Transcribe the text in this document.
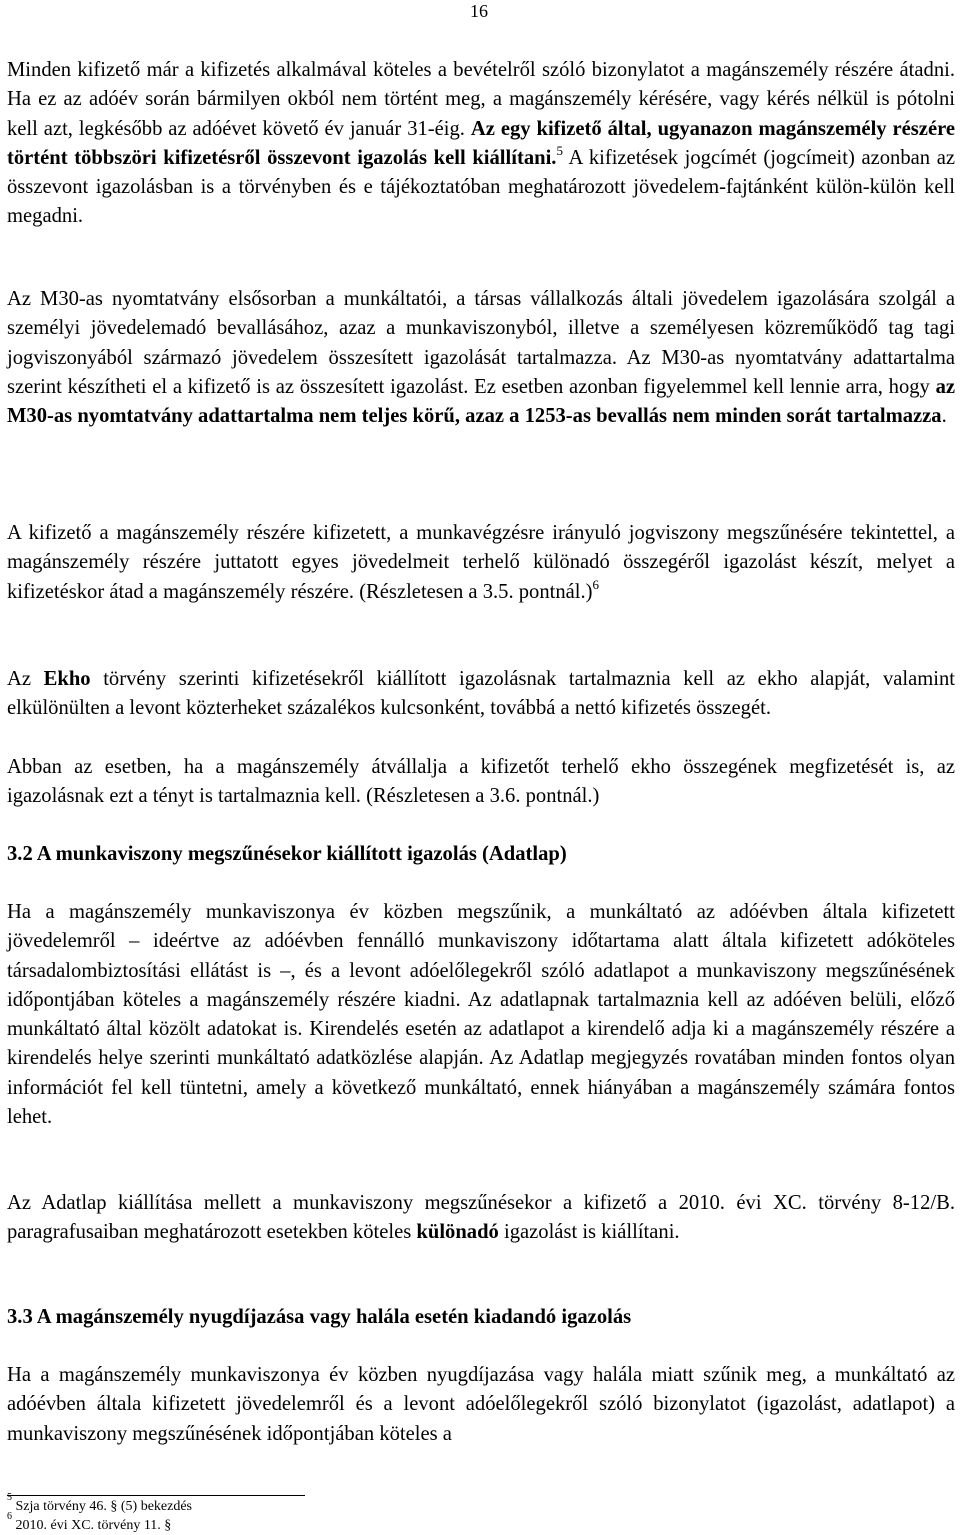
16

Minden kifizető már a kifizetés alkalmával köteles a bevételről szóló bizonylatot a magánszemély részére átadni. Ha ez az adóév során bármilyen okból nem történt meg, a magánszemély kérésére, vagy kérés nélkül is pótolni kell azt, legkésőbb az adóévet követő év január 31-éig. Az egy kifizető által, ugyanazon magánszemély részére történt többszöri kifizetésről összevont igazolás kell kiállítani.$^5$ A kifizetések jogcímét (jogcímeit) azonban az összevont igazolásban is a törvényben és e tájékoztatóban meghatározott jövedelem-fajtánként külön-külön kell megadni.

Az M30-as nyomtatvány elsősorban a munkáltatói, a társas vállalkozás általi jövedelem igazolására szolgál a személyi jövedelemadó bevallásához, azaz a munkaviszonyból, illetve a személyesen közreműködő tag tagi jogviszonyából származó jövedelem összesített igazolását tartalmazza. Az M30-as nyomtatvány adattartalma szerint készítheti el a kifizető is az összesített igazolást. Ez esetben azonban figyelemmel kell lennie arra, hogy az M30-as nyomtatvány adattartalma nem teljes körű, azaz a 1253-as bevallás nem minden sorát tartalmazza.

A kifizető a magánszemély részére kifizetett, a munkavégzésre irányuló jogviszony megszűnésére tekintettel, a magánszemély részére juttatott egyes jövedelmeit terhelő különadó összegéről igazolást készít, melyet a kifizetéskor átad a magánszemély részére. (Részletesen a 3.5. pontnál.)$^6$

Az Ekho törvény szerinti kifizetésekről kiállított igazolásnak tartalmaznia kell az ekho alapját, valamint elkülönülten a levont közterheket százalékos kulcsonként, továbbá a nettó kifizetés összegét.

Abban az esetben, ha a magánszemély átvállalja a kifizetőt terhelő ekho összegének megfizetését is, az igazolásnak ezt a tényt is tartalmaznia kell. (Részletesen a 3.6. pontnál.)

3.2 A munkaviszony megszűnésekor kiállított igazolás (Adatlap)

Ha a magánszemély munkaviszonya év közben megszűnik, a munkáltató az adóévben általa kifizetett jövedelemről – ideértve az adóévben fennálló munkaviszony időtartama alatt általa kifizetett adóköteles társadalombiztosítási ellátást is –, és a levont adóelőlegekről szóló adatlapot a munkaviszony megszűnésének időpontjában köteles a magánszemély részére kiadni. Az adatlapnak tartalmaznia kell az adóéven belüli, előző munkáltató által közölt adatokat is. Kirendelés esetén az adatlapot a kirendelő adja ki a magánszemély részére a kirendelés helye szerinti munkáltató adatközlése alapján. Az Adatlap megjegyzés rovatában minden fontos olyan információt fel kell tüntetni, amely a következő munkáltató, ennek hiányában a magánszemély számára fontos lehet.

Az Adatlap kiállítása mellett a munkaviszony megszűnésekor a kifizető a 2010. évi XC. törvény 8-12/B. paragrafusaiban meghatározott esetekben köteles különadó igazolást is kiállítani.

3.3 A magánszemély nyugdíjazása vagy halála esetén kiadandó igazolás

Ha a magánszemély munkaviszonya év közben nyugdíjazása vagy halála miatt szűnik meg, a munkáltató az adóévben általa kifizetett jövedelemről és a levont adóelőlegekről szóló bizonylatot (igazolást, adatlapot) a munkaviszony megszűnésének időpontjában köteles a

$^5$ Szja törvény 46. § (5) bekezdés
$^6$ 2010. évi XC. törvény 11. §
